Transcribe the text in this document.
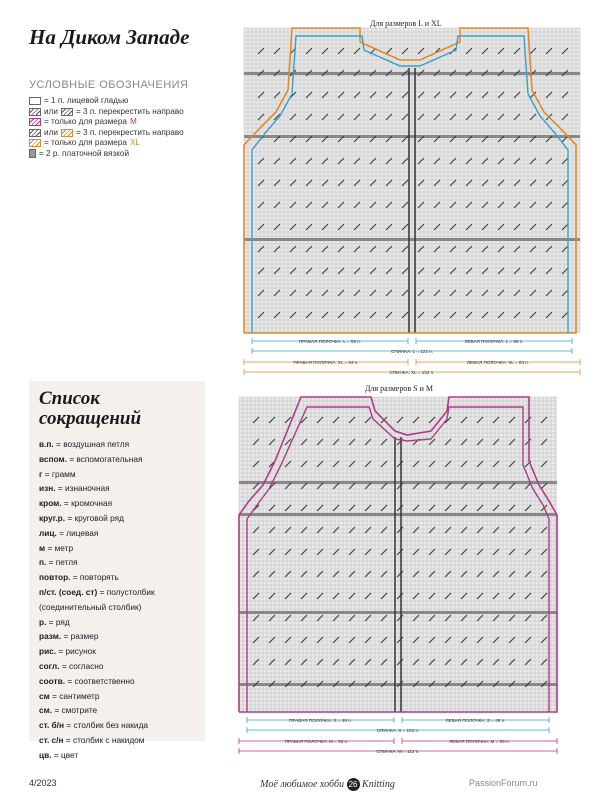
На Диком Западе
УСЛОВНЫЕ ОБОЗНАЧЕНИЯ
= 1 п. лицевой гладью
или = 3 п. перекрестить направо
= только для размера M
или = 3 п. перекрестить направо
= только для размера XL
= 2 р. платочной вязкой
Список
сокращений
в.п. = воздушная петля
вспом. = вспомогательная
г = грамм
изн. = изнаночная
кром. = кромочная
круг.р. = круговой ряд
лиц. = лицевая
м = метр
п. = петля
повтор. = повторять
п/ст. (соед. ст) = полустолбик
(соединительный столбик)
р. = ряд
разм. = размер
рис. = рисунок
согл. = согласно
соотв. = соответственно
см = сантиметр
см. = смотрите
ст. б/н = столбик без накида
ст. с/н = столбик с накидом
цв. = цвет
Для размеров L и XL
ПРАВАЯ ПОЛОЧКА: L = 58 п.	ЛЕВАЯ ПОЛОЧКА: L = 58 п.
СПИНКА: L = 122 п.
ПРАВАЯ ПОЛОЧКА: XL = 63 п.	ЛЕВАЯ ПОЛОЧКА: XL = 63 п.
СПИНКА: XL = 132 п.
Для размеров S и M
ПРАВАЯ ПОЛОЧКА: S = 49 п.	ЛЕВАЯ ПОЛОЧКА: S = 49 п.
СПИНКА: S = 104 п.
ПРАВАЯ ПОЛОЧКА: M = 53 п.	ЛЕВАЯ ПОЛОЧКА: M = 53 п.
СПИНКА: M = 112 п.
4/2023	Моё любимое хобби 26 Knitting	PassionForum.ru
